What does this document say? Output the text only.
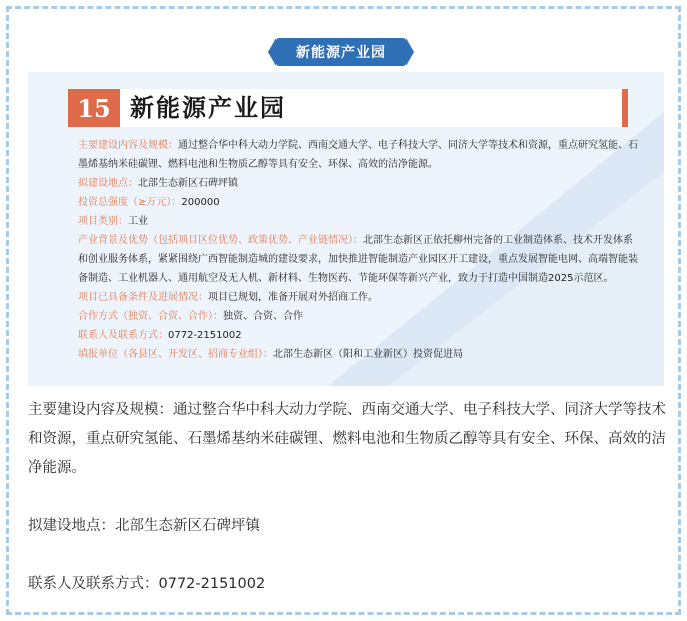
新能源产业园
15 新能源产业园

主要建设内容及规模：通过整合华中科大动力学院、西南交通大学、电子科技大学、同济大学等技术和资源，重点研究氢能、石墨烯基纳米硅碳锂、燃料电池和生物质乙醇等具有安全、环保、高效的洁净能源。

拟建设地点：北部生态新区石碑坪镇

投资总强度（≥万元）：200000

项目类别：工业

产业背景及优势（包括项目区位优势、政策优势、产业链情况）：北部生态新区正依托柳州完备的工业制造体系、技术开发体系和创业服务体系，紧紧围绕广西智能制造城的建设要求，加快推进智能制造产业园区开工建设，重点发展智能电网、高端智能装备制造、工业机器人、通用航空及无人机、新材料、生物医药、节能环保等新兴产业，致力于打造中国制造2025示范区。

项目已具备条件及进展情况：项目已规划，准备开展对外招商工作。

合作方式（独资、合资、合作）：独资、合资、合作

联系人及联系方式：0772-2151002

填报单位（各县区、开发区、招商专业组）：北部生态新区（阳和工业新区）投资促进局

主要建设内容及规模：通过整合华中科大动力学院、西南交通大学、电子科技大学、同济大学等技术和资源，重点研究氢能、石墨烯基纳米硅碳锂、燃料电池和生物质乙醇等具有安全、环保、高效的洁净能源。

拟建设地点：北部生态新区石碑坪镇

联系人及联系方式：0772-2151002
